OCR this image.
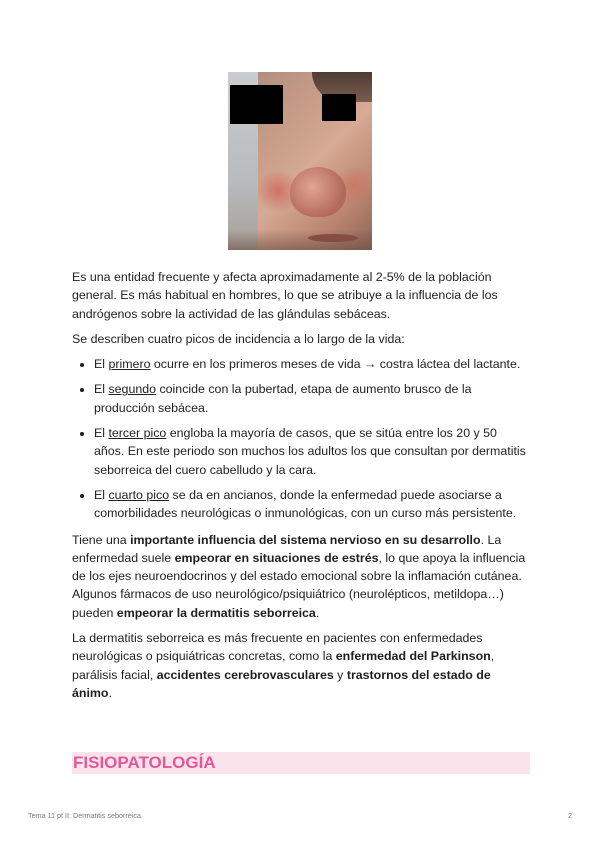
Es una entidad frecuente y afecta aproximadamente al 2-5% de la población general. Es más habitual en hombres, lo que se atribuye a la influencia de los andrógenos sobre la actividad de las glándulas sebáceas.

Se describen cuatro picos de incidencia a lo largo de la vida:

• El primero ocurre en los primeros meses de vida → costra láctea del lactante.
• El segundo coincide con la pubertad, etapa de aumento brusco de la producción sebácea.
• El tercer pico engloba la mayoría de casos, que se sitúa entre los 20 y 50 años. En este periodo son muchos los adultos los que consultan por dermatitis seborreica del cuero cabelludo y la cara.
• El cuarto pico se da en ancianos, donde la enfermedad puede asociarse a comorbilidades neurológicas o inmunológicas, con un curso más persistente.

Tiene una importante influencia del sistema nervioso en su desarrollo. La enfermedad suele empeorar en situaciones de estrés, lo que apoya la influencia de los ejes neuroendocrinos y del estado emocional sobre la inflamación cutánea. Algunos fármacos de uso neurológico/psiquiátrico (neurolépticos, metildopa…) pueden empeorar la dermatitis seborreica.

La dermatitis seborreica es más frecuente en pacientes con enfermedades neurológicas o psiquiátricas concretas, como la enfermedad del Parkinson, parálisis facial, accidentes cerebrovasculares y trastornos del estado de ánimo.

FISIOPATOLOGÍA
Tema 11 pt II: Dermatitis seborreica.	2
